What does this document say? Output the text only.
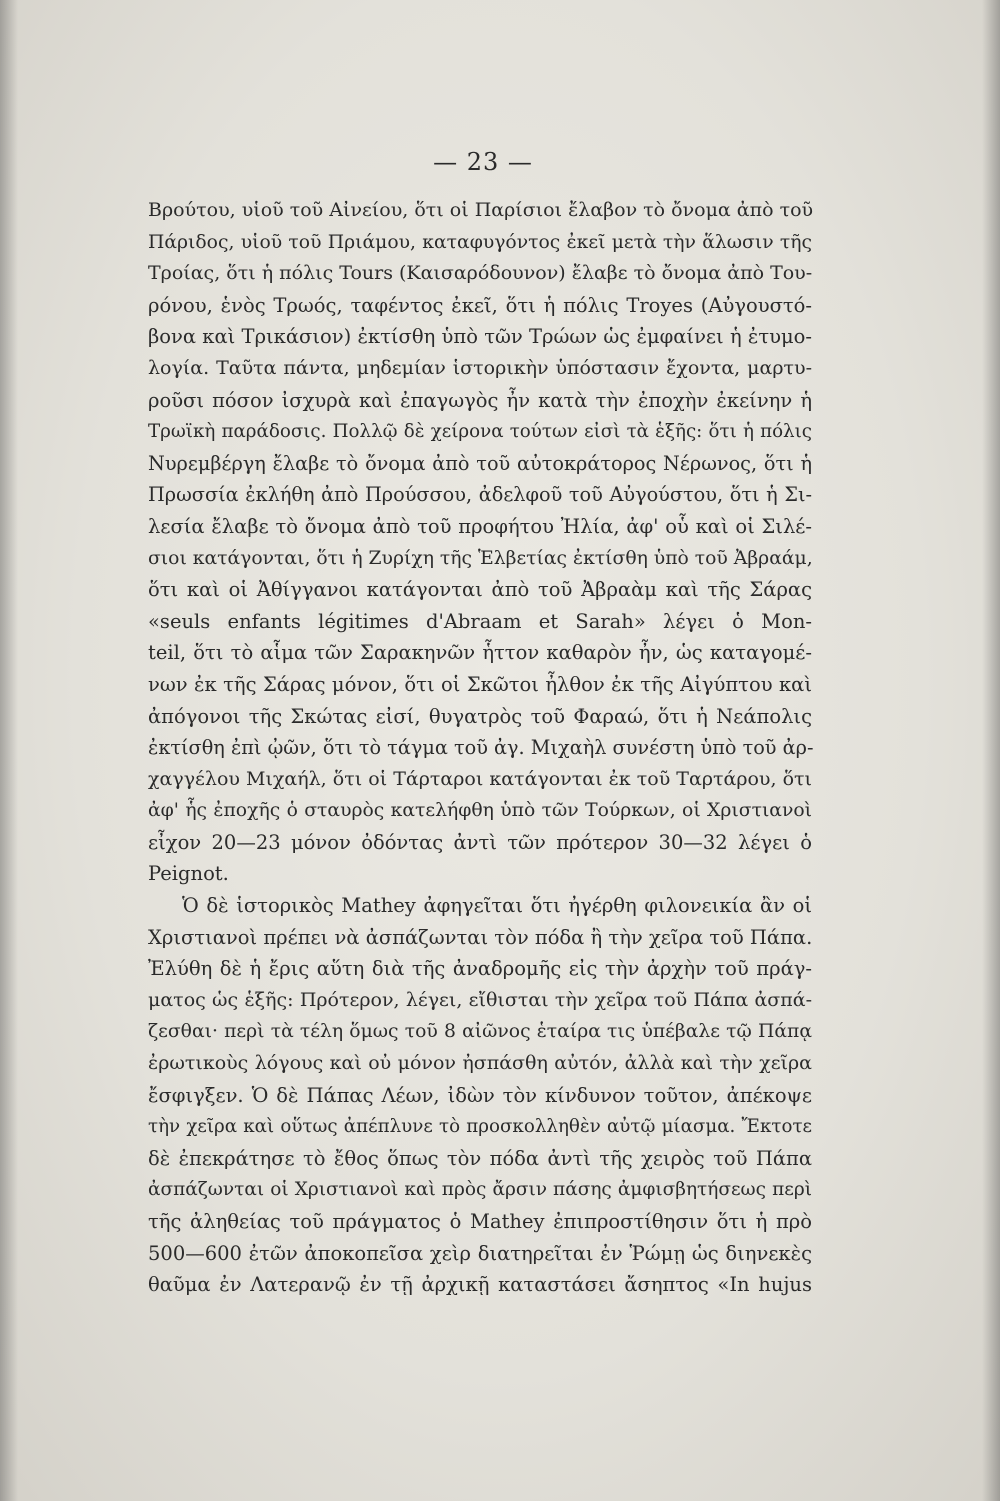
— 23 —
Βρούτου, υἱοῦ τοῦ Αἰνείου, ὅτι οἱ Παρίσιοι ἔλαβον τὸ ὄνομα ἀπὸ τοῦ
Πάριδος, υἱοῦ τοῦ Πριάμου, καταφυγόντος ἐκεῖ μετὰ τὴν ἅλωσιν τῆς
Τροίας, ὅτι ἡ πόλις Tours (Καισαρόδουνον) ἔλαβε τὸ ὄνομα ἀπὸ Του-
ρόνου, ἑνὸς Τρωός, ταφέντος ἐκεῖ, ὅτι ἡ πόλις Troyes (Αὐγουστό-
βονα καὶ Τρικάσιον) ἐκτίσθη ὑπὸ τῶν Τρώων ὡς ἐμφαίνει ἡ ἐτυμο-
λογία. Ταῦτα πάντα, μηδεμίαν ἱστορικὴν ὑπόστασιν ἔχοντα, μαρτυ-
ροῦσι πόσον ἰσχυρὰ καὶ ἐπαγωγὸς ἦν κατὰ τὴν ἐποχὴν ἐκείνην ἡ
Τρωϊκὴ παράδοσις. Πολλῷ δὲ χείρονα τούτων εἰσὶ τὰ ἑξῆς: ὅτι ἡ πόλις
Νυρεμβέργη ἔλαβε τὸ ὄνομα ἀπὸ τοῦ αὐτοκράτορος Νέρωνος, ὅτι ἡ
Πρωσσία ἐκλήθη ἀπὸ Προύσσου, ἀδελφοῦ τοῦ Αὐγούστου, ὅτι ἡ Σι-
λεσία ἔλαβε τὸ ὄνομα ἀπὸ τοῦ προφήτου Ἠλία, ἀφ' οὗ καὶ οἱ Σιλέ-
σιοι κατάγονται, ὅτι ἡ Ζυρίχη τῆς Ἑλβετίας ἐκτίσθη ὑπὸ τοῦ Ἀβραάμ,
ὅτι καὶ οἱ Ἀθίγγανοι κατάγονται ἀπὸ τοῦ Ἀβραὰμ καὶ τῆς Σάρας
«seuls enfants légitimes d'Abraam et Sarah» λέγει ὁ Mon-
teil, ὅτι τὸ αἷμα τῶν Σαρακηνῶν ἧττον καθαρὸν ἦν, ὡς καταγομέ-
νων ἐκ τῆς Σάρας μόνον, ὅτι οἱ Σκῶτοι ἦλθον ἐκ τῆς Αἰγύπτου καὶ
ἀπόγονοι τῆς Σκώτας εἰσί, θυγατρὸς τοῦ Φαραώ, ὅτι ἡ Νεάπολις
ἐκτίσθη ἐπὶ ᾠῶν, ὅτι τὸ τάγμα τοῦ ἀγ. Μιχαὴλ συνέστη ὑπὸ τοῦ ἀρ-
χαγγέλου Μιχαήλ, ὅτι οἱ Τάρταροι κατάγονται ἐκ τοῦ Ταρτάρου, ὅτι
ἀφ' ἧς ἐποχῆς ὁ σταυρὸς κατελήφθη ὑπὸ τῶν Τούρκων, οἱ Χριστιανοὶ
εἶχον 20—23 μόνον ὀδόντας ἀντὶ τῶν πρότερον 30—32 λέγει ὁ
Peignot.
Ὁ δὲ ἱστορικὸς Mathey ἀφηγεῖται ὅτι ἠγέρθη φιλονεικία ἂν οἱ
Χριστιανοὶ πρέπει νὰ ἀσπάζωνται τὸν πόδα ἢ τὴν χεῖρα τοῦ Πάπα.
Ἐλύθη δὲ ἡ ἔρις αὕτη διὰ τῆς ἀναδρομῆς εἰς τὴν ἀρχὴν τοῦ πράγ-
ματος ὡς ἑξῆς: Πρότερον, λέγει, εἴθισται τὴν χεῖρα τοῦ Πάπα ἀσπά-
ζεσθαι· περὶ τὰ τέλη ὅμως τοῦ 8 αἰῶνος ἑταίρα τις ὑπέβαλε τῷ Πάπᾳ
ἐρωτικοὺς λόγους καὶ οὐ μόνον ἠσπάσθη αὐτόν, ἀλλὰ καὶ τὴν χεῖρα
ἔσφιγξεν. Ὁ δὲ Πάπας Λέων, ἰδὼν τὸν κίνδυνον τοῦτον, ἀπέκοψε
τὴν χεῖρα καὶ οὕτως ἀπέπλυνε τὸ προσκολληθὲν αὐτῷ μίασμα. Ἔκτοτε
δὲ ἐπεκράτησε τὸ ἔθος ὅπως τὸν πόδα ἀντὶ τῆς χειρὸς τοῦ Πάπα
ἀσπάζωνται οἱ Χριστιανοὶ καὶ πρὸς ἄρσιν πάσης ἀμφισβητήσεως περὶ
τῆς ἀληθείας τοῦ πράγματος ὁ Mathey ἐπιπροστίθησιν ὅτι ἡ πρὸ
500—600 ἐτῶν ἀποκοπεῖσα χεὶρ διατηρεῖται ἐν Ῥώμῃ ὡς διηνεκὲς
θαῦμα ἐν Λατερανῷ ἐν τῇ ἀρχικῇ καταστάσει ἄσηπτος «In hujus
